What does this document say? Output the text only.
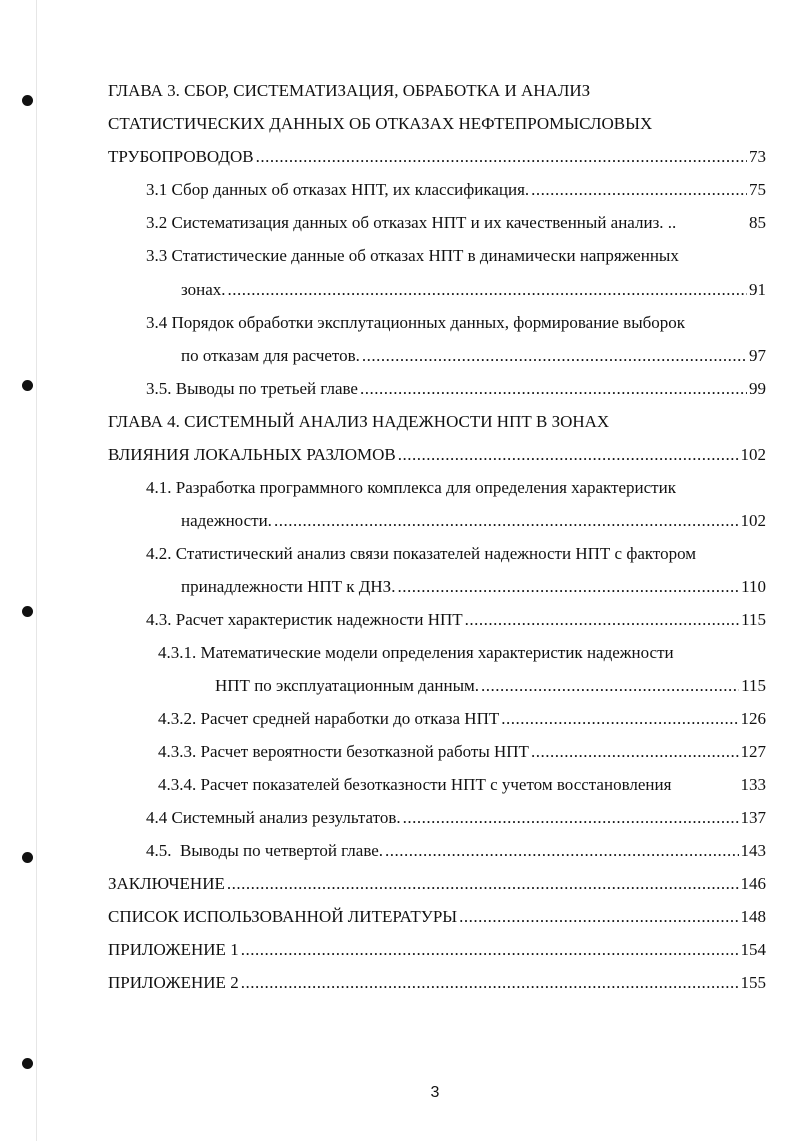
ГЛАВА 3. СБОР, СИСТЕМАТИЗАЦИЯ, ОБРАБОТКА И АНАЛИЗ
СТАТИСТИЧЕСКИХ ДАННЫХ ОБ ОТКАЗАХ НЕФТЕПРОМЫСЛОВЫХ
ТРУБОПРОВОДОВ .....	73
3.1 Сбор данных об отказах НПТ, их классификация. .....	75
3.2 Систематизация данных об отказах НПТ и их качественный анализ. ..	85
3.3 Статистические данные об отказах НПТ в динамически напряженных
зонах. .....	91
3.4 Порядок обработки эксплутационных данных, формирование выборок
по отказам для расчетов. .....	97
3.5. Выводы по третьей главе .....	99
ГЛАВА 4. СИСТЕМНЫЙ АНАЛИЗ НАДЕЖНОСТИ НПТ В ЗОНАХ
ВЛИЯНИЯ ЛОКАЛЬНЫХ РАЗЛОМОВ .....	102
4.1. Разработка программного комплекса для определения характеристик
надежности. .....	102
4.2. Статистический анализ связи показателей надежности НПТ с фактором
принадлежности НПТ к ДНЗ. .....	110
4.3. Расчет характеристик надежности НПТ .....	115
4.3.1. Математические модели определения характеристик надежности
НПТ по эксплуатационным данным. .....	115
4.3.2. Расчет средней наработки до отказа НПТ .....	126
4.3.3. Расчет вероятности безотказной работы НПТ .....	127
4.3.4. Расчет показателей безотказности НПТ с учетом восстановления	133
4.4 Системный анализ результатов. .....	137
4.5.  Выводы по четвертой главе. .....	143
ЗАКЛЮЧЕНИЕ .....	146
СПИСОК ИСПОЛЬЗОВАННОЙ ЛИТЕРАТУРЫ .....	148
ПРИЛОЖЕНИЕ 1 .....	154
ПРИЛОЖЕНИЕ 2 .....	155
3
